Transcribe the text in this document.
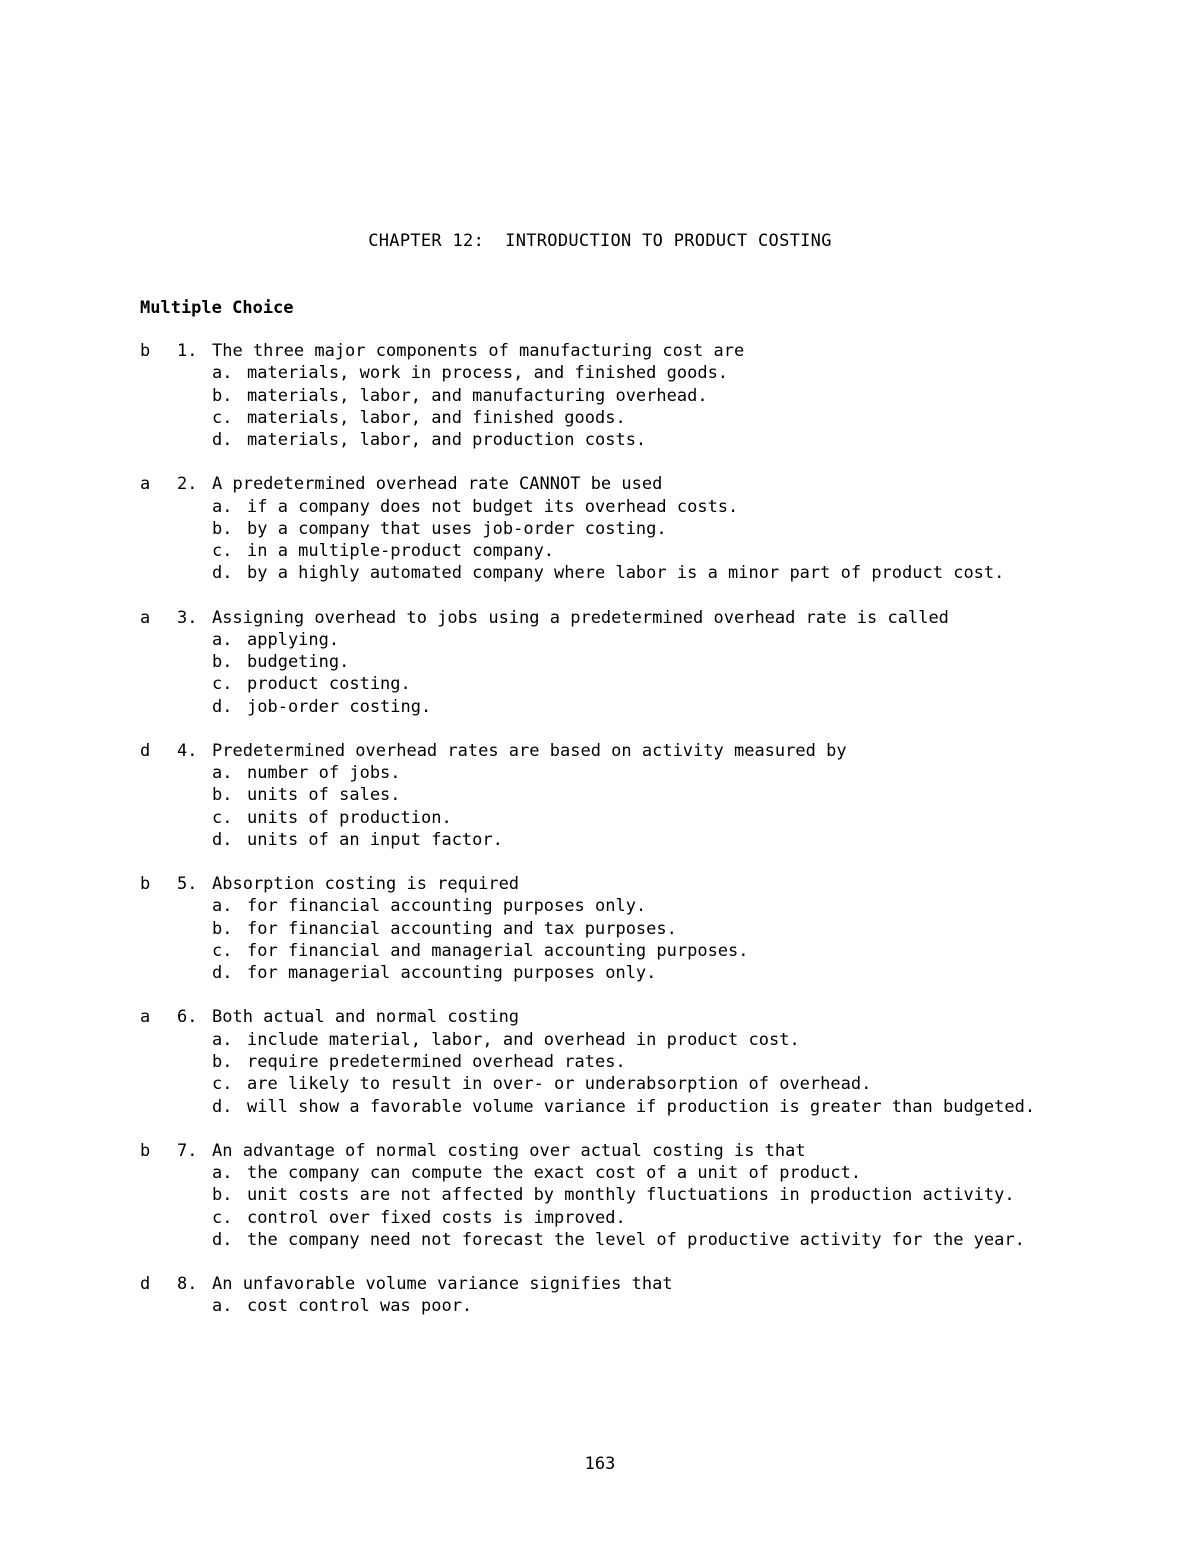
CHAPTER 12:  INTRODUCTION TO PRODUCT COSTING
Multiple Choice
b	1. The three major components of manufacturing cost are
a. materials, work in process, and finished goods.
b. materials, labor, and manufacturing overhead.
c. materials, labor, and finished goods.
d. materials, labor, and production costs.
a	2. A predetermined overhead rate CANNOT be used
a. if a company does not budget its overhead costs.
b. by a company that uses job-order costing.
c. in a multiple-product company.
d. by a highly automated company where labor is a minor part of product cost.
a	3. Assigning overhead to jobs using a predetermined overhead rate is called
a. applying.
b. budgeting.
c. product costing.
d. job-order costing.
d	4. Predetermined overhead rates are based on activity measured by
a. number of jobs.
b. units of sales.
c. units of production.
d. units of an input factor.
b	5. Absorption costing is required
a. for financial accounting purposes only.
b. for financial accounting and tax purposes.
c. for financial and managerial accounting purposes.
d. for managerial accounting purposes only.
a	6. Both actual and normal costing
a. include material, labor, and overhead in product cost.
b. require predetermined overhead rates.
c. are likely to result in over- or underabsorption of overhead.
d. will show a favorable volume variance if production is greater than budgeted.
b	7. An advantage of normal costing over actual costing is that
a. the company can compute the exact cost of a unit of product.
b. unit costs are not affected by monthly fluctuations in production activity.
c. control over fixed costs is improved.
d. the company need not forecast the level of productive activity for the year.
d	8. An unfavorable volume variance signifies that
a. cost control was poor.
163
